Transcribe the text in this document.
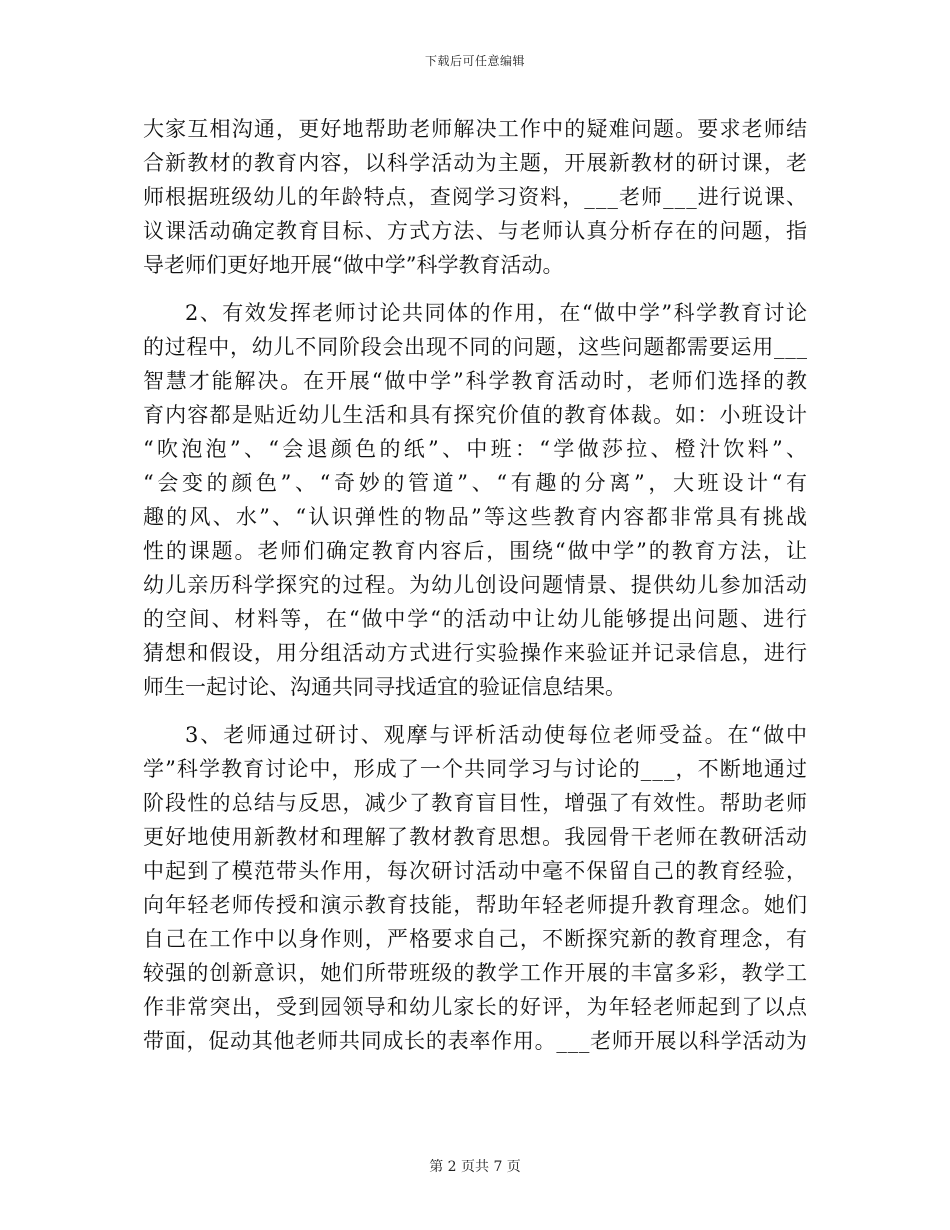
下载后可任意编辑
大家互相沟通，更好地帮助老师解决工作中的疑难问题。要求老师结
合新教材的教育内容，以科学活动为主题，开展新教材的研讨课，老
师根据班级幼儿的年龄特点，查阅学习资料，___老师___进行说课、
议课活动确定教育目标、方式方法、与老师认真分析存在的问题，指
导老师们更好地开展“做中学”科学教育活动。
2、有效发挥老师讨论共同体的作用，在“做中学”科学教育讨论
的过程中，幼儿不同阶段会出现不同的问题，这些问题都需要运用___
智慧才能解决。在开展“做中学”科学教育活动时，老师们选择的教
育内容都是贴近幼儿生活和具有探究价值的教育体裁。如：小班设计
“吹泡泡”、“会退颜色的纸”、中班：“学做莎拉、橙汁饮料”、
“会变的颜色”、“奇妙的管道”、“有趣的分离”，大班设计“有
趣的风、水”、“认识弹性的物品”等这些教育内容都非常具有挑战
性的课题。老师们确定教育内容后，围绕“做中学”的教育方法，让
幼儿亲历科学探究的过程。为幼儿创设问题情景、提供幼儿参加活动
的空间、材料等，在“做中学“的活动中让幼儿能够提出问题、进行
猜想和假设，用分组活动方式进行实验操作来验证并记录信息，进行
师生一起讨论、沟通共同寻找适宜的验证信息结果。
3、老师通过研讨、观摩与评析活动使每位老师受益。在“做中
学”科学教育讨论中，形成了一个共同学习与讨论的___，不断地通过
阶段性的总结与反思，减少了教育盲目性，增强了有效性。帮助老师
更好地使用新教材和理解了教材教育思想。我园骨干老师在教研活动
中起到了模范带头作用，每次研讨活动中毫不保留自己的教育经验，
向年轻老师传授和演示教育技能，帮助年轻老师提升教育理念。她们
自己在工作中以身作则，严格要求自己，不断探究新的教育理念，有
较强的创新意识，她们所带班级的教学工作开展的丰富多彩，教学工
作非常突出，受到园领导和幼儿家长的好评，为年轻老师起到了以点
带面，促动其他老师共同成长的表率作用。___老师开展以科学活动为
第 2 页共 7 页
